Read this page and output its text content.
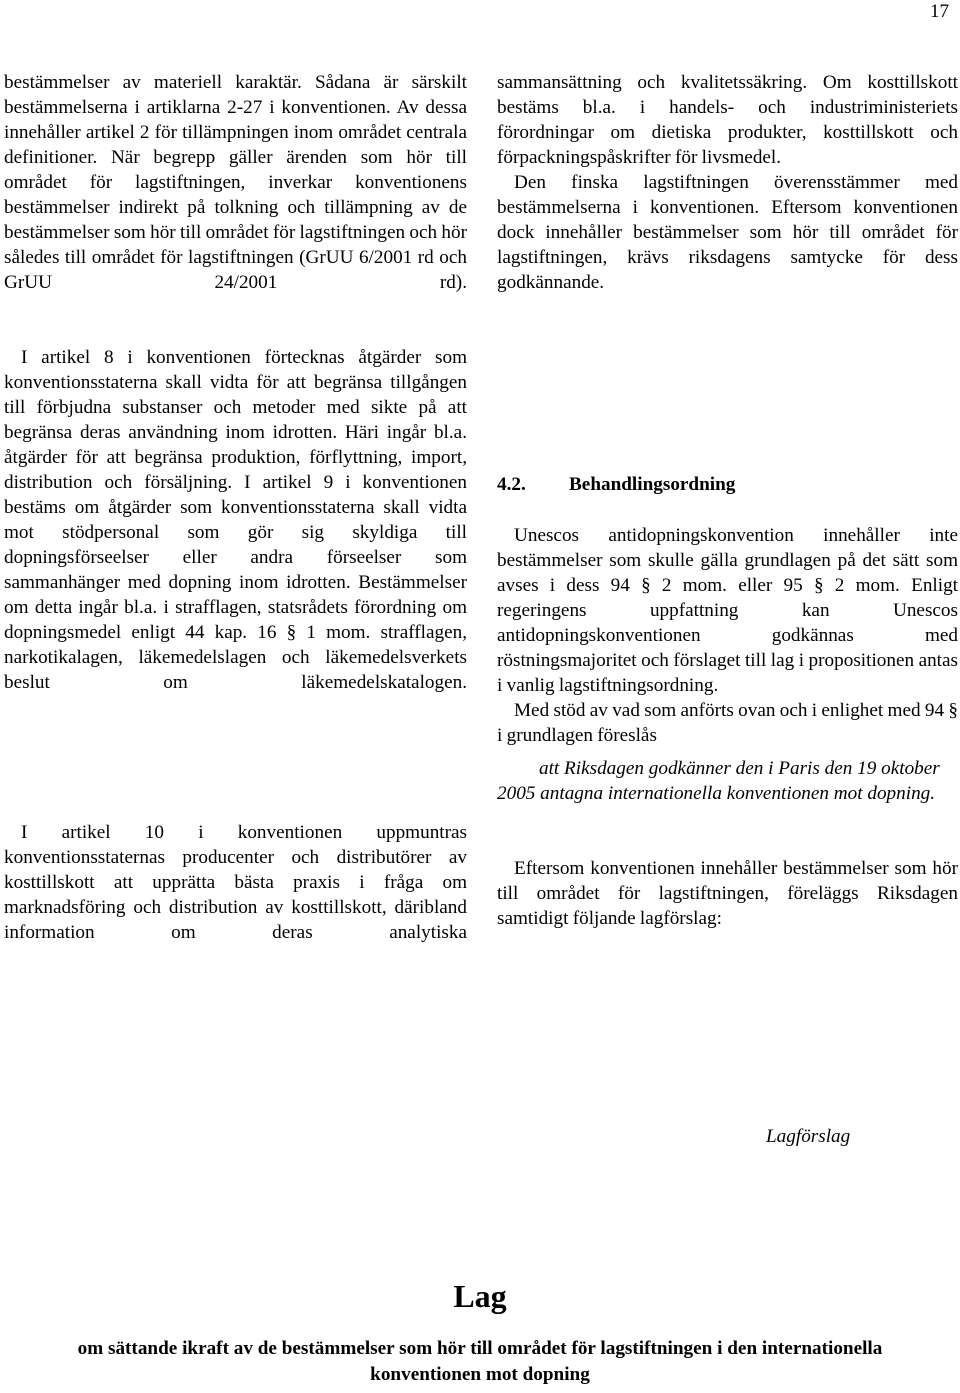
17

bestämmelser av materiell karaktär. Sådana är särskilt bestämmelserna i artiklarna 2-27 i konventionen. Av dessa innehåller artikel 2 för tillämpningen inom området centrala definitioner. När begrepp gäller ärenden som hör till området för lagstiftningen, inverkar konventionens bestämmelser indirekt på tolkning och tillämpning av de bestämmelser som hör till området för lagstiftningen och hör således till området för lagstiftningen (GrUU 6/2001 rd och GrUU 24/2001 rd).

I artikel 8 i konventionen förtecknas åtgärder som konventionsstaterna skall vidta för att begränsa tillgången till förbjudna substanser och metoder med sikte på att begränsa deras användning inom idrotten. Häri ingår bl.a. åtgärder för att begränsa produktion, förflyttning, import, distribution och försäljning. I artikel 9 i konventionen bestäms om åtgärder som konventionsstaterna skall vidta mot stödpersonal som gör sig skyldiga till dopningsförseelser eller andra förseelser som sammanhänger med dopning inom idrotten. Bestämmelser om detta ingår bl.a. i strafflagen, statsrådets förordning om dopningsmedel enligt 44 kap. 16 § 1 mom. strafflagen, narkotikalagen, läkemedelslagen och läkemedelsverkets beslut om läkemedelskatalogen.

I artikel 10 i konventionen uppmuntras konventionsstaternas producenter och distributörer av kosttillskott att upprätta bästa praxis i fråga om marknadsföring och distribution av kosttillskott, däribland information om deras analytiska

sammansättning och kvalitetssäkring. Om kosttillskott bestäms bl.a. i handels- och industriministeriets förordningar om dietiska produkter, kosttillskott och förpackningspåskrifter för livsmedel.

Den finska lagstiftningen överensstämmer med bestämmelserna i konventionen. Eftersom konventionen dock innehåller bestämmelser som hör till området för lagstiftningen, krävs riksdagens samtycke för dess godkännande.

4.2. Behandlingsordning

Unescos antidopningskonvention innehåller inte bestämmelser som skulle gälla grundlagen på det sätt som avses i dess 94 § 2 mom. eller 95 § 2 mom. Enligt regeringens uppfattning kan Unescos antidopningskonventionen godkännas med röstningsmajoritet och förslaget till lag i propositionen antas i vanlig lagstiftningsordning.

Med stöd av vad som anförts ovan och i enlighet med 94 § i grundlagen föreslås

att Riksdagen godkänner den i Paris den 19 oktober 2005 antagna internationella konventionen mot dopning.

Eftersom konventionen innehåller bestämmelser som hör till området för lagstiftningen, föreläggs Riksdagen samtidigt följande lagförslag:

Lagförslag
Lag
om sättande ikraft av de bestämmelser som hör till området för lagstiftningen i den internationella konventionen mot dopning
